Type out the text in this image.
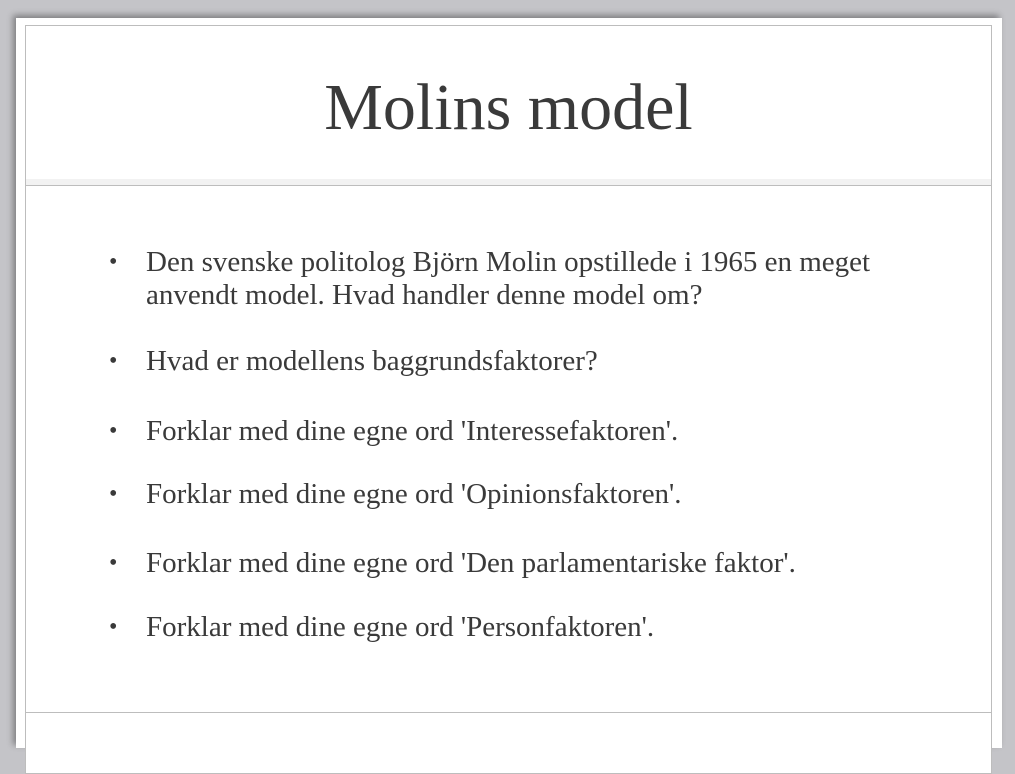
Molins model
• Den svenske politolog Björn Molin opstillede i 1965 en meget anvendt model. Hvad handler denne model om?
• Hvad er modellens baggrundsfaktorer?
• Forklar med dine egne ord 'Interessefaktoren'.
• Forklar med dine egne ord 'Opinionsfaktoren'.
• Forklar med dine egne ord 'Den parlamentariske faktor'.
• Forklar med dine egne ord 'Personfaktoren'.
